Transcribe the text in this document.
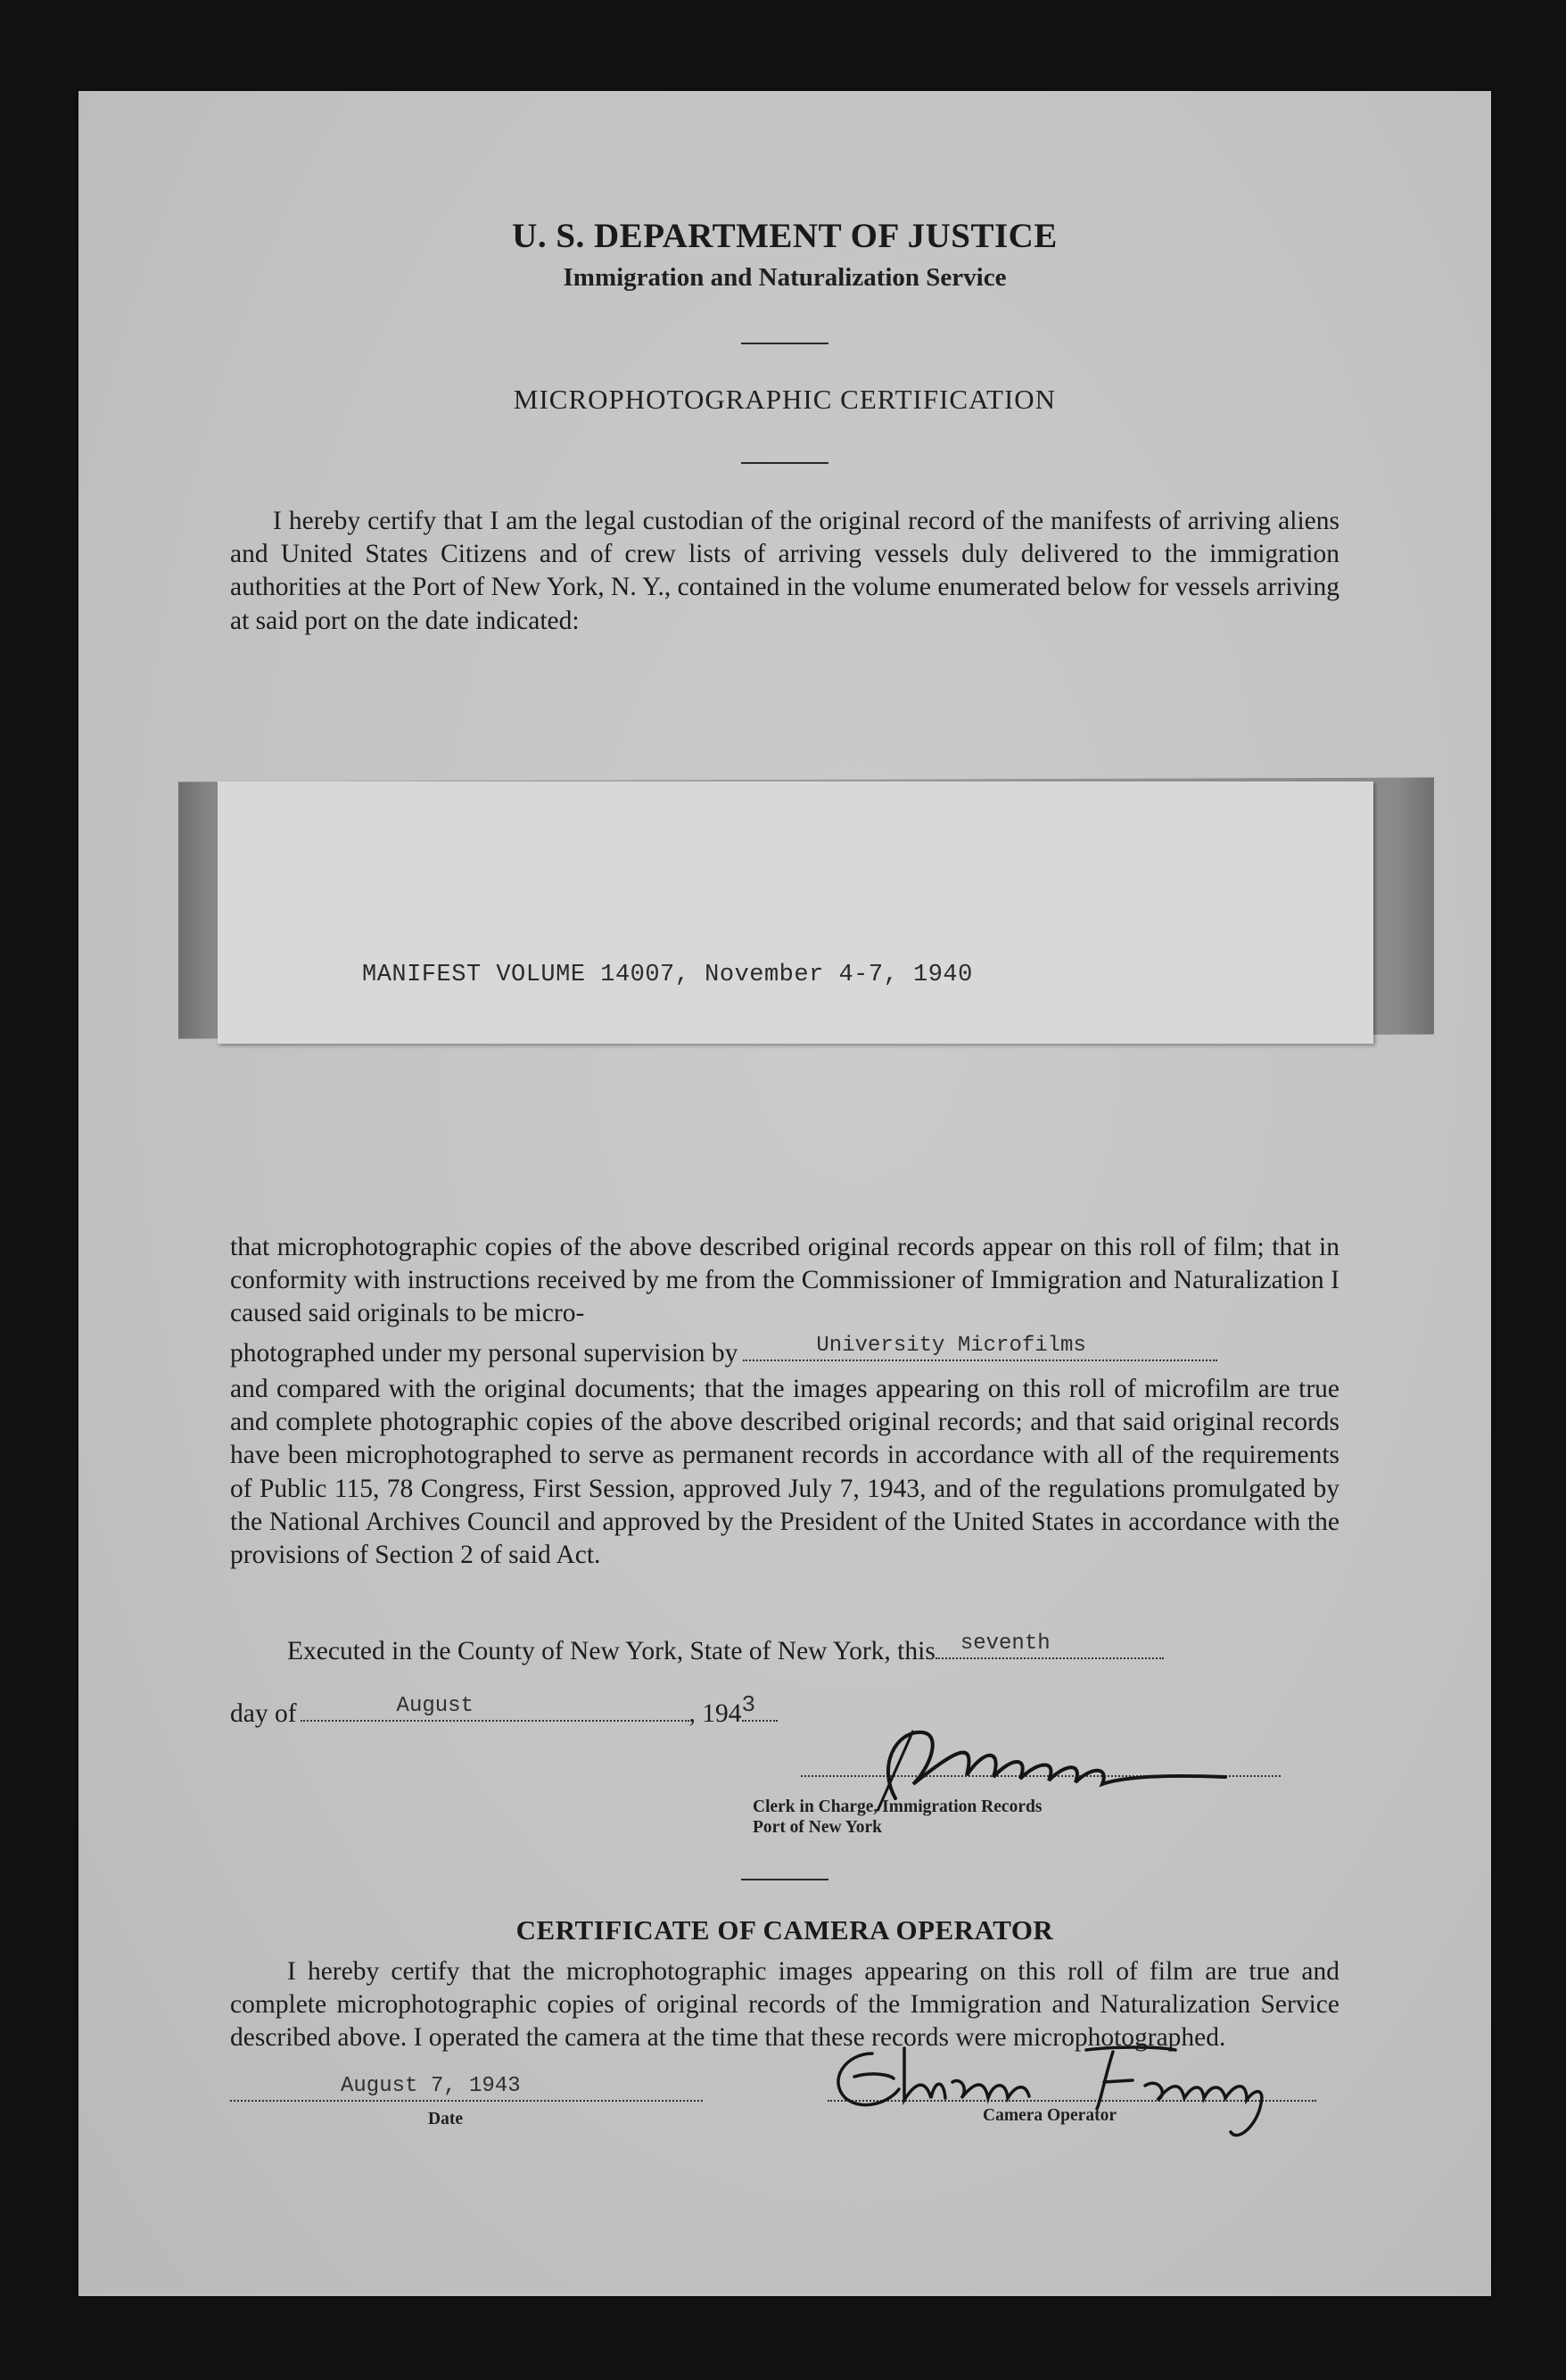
U. S. DEPARTMENT OF JUSTICE
Immigration and Naturalization Service
MICROPHOTOGRAPHIC CERTIFICATION
I hereby certify that I am the legal custodian of the original record of the manifests of arriving aliens and United States Citizens and of crew lists of arriving vessels duly delivered to the immigration authorities at the Port of New York, N. Y., contained in the volume enumerated below for vessels arriving at said port on the date indicated:
MANIFEST VOLUME 14007, November 4-7, 1940
that microphotographic copies of the above described original records appear on this roll of film; that in conformity with instructions received by me from the Commissioner of Immigration and Naturalization I caused said originals to be micro-
photographed under my personal supervision by	University Microfilms
and compared with the original documents; that the images appearing on this roll of microfilm are true and complete photographic copies of the above described original records; and that said original records have been microphotographed to serve as permanent records in accordance with all of the requirements of Public 115, 78 Congress, First Session, approved July 7, 1943, and of the regulations promulgated by the National Archives Council and approved by the President of the United States in accordance with the provisions of Section 2 of said Act.
Executed in the County of New York, State of New York, this seventh
day of	August	, 194 3
Clerk in Charge, Immigration Records
Port of New York
CERTIFICATE OF CAMERA OPERATOR
I hereby certify that the microphotographic images appearing on this roll of film are true and complete microphotographic copies of original records of the Immigration and Naturalization Service described above. I operated the camera at the time that these records were microphotographed.
August 7, 1943
Date	Camera Operator
